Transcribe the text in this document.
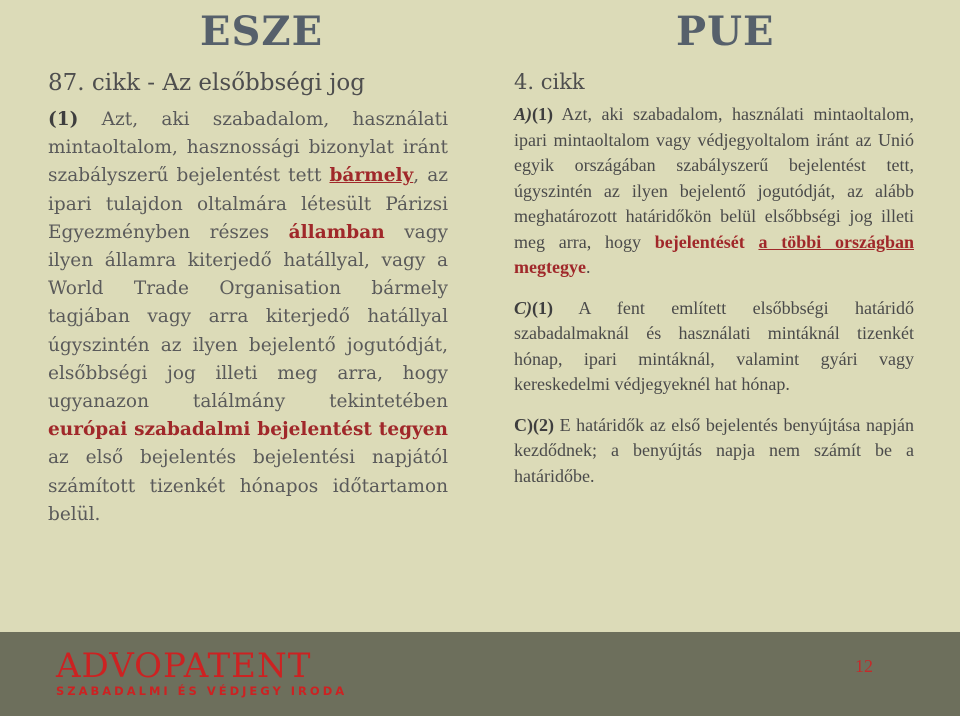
ESZE	PUE
87. cikk - Az elsőbbségi jog
(1) Azt, aki szabadalom, használati mintaoltalom, hasznossági bizonylat iránt szabályszerű bejelentést tett bármely, az ipari tulajdon oltalmára létesült Párizsi Egyezményben részes államban vagy ilyen államra kiterjedő hatállyal, vagy a World Trade Organisation bármely tagjában vagy arra kiterjedő hatállyal úgyszintén az ilyen bejelentő jogutódját, elsőbbségi jog illeti meg arra, hogy ugyanazon találmány tekintetében európai szabadalmi bejelentést tegyen az első bejelentés bejelentési napjától számított tizenkét hónapos időtartamon belül.
4. cikk

A)(1) Azt, aki szabadalom, használati mintaoltalom, ipari mintaoltalom vagy védjegyoltalom iránt az Unió egyik országában szabályszerű bejelentést tett, úgyszintén az ilyen bejelentő jogutódját, az alább meghatározott határidőkön belül elsőbbségi jog illeti meg arra, hogy bejelentését a többi országban megtegye.

C)(1) A fent említett elsőbbségi határidő szabadalmaknál és használati mintáknál tizenkét hónap, ipari mintáknál, valamint gyári vagy kereskedelmi védjegyeknél hat hónap.

C)(2) E határidők az első bejelentés benyújtása napján kezdődnek; a benyújtás napja nem számít be a határidőbe.

ADVOPATENT
SZABADALMI ÉS VÉDJEGY IRODA
12
